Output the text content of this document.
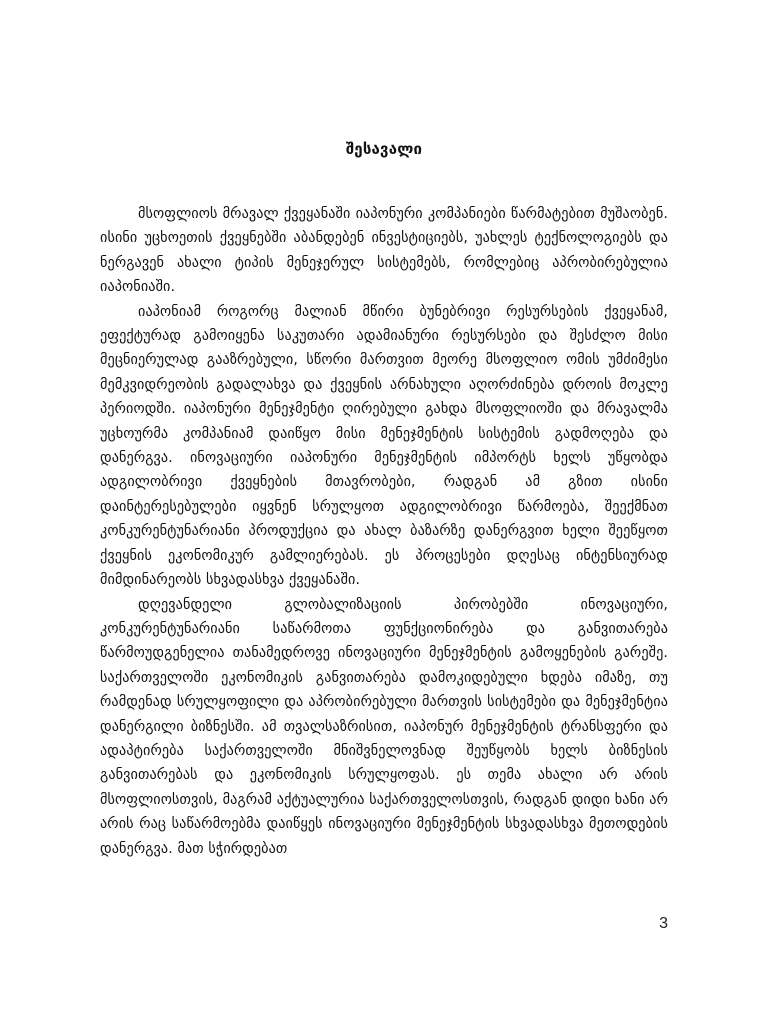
შესავალი

მსოფლიოს მრავალ ქვეყანაში იაპონური კომპანიები წარმატებით მუშაობენ. ისინი უცხოეთის ქვეყნებში აბანდებენ ინვესტიციებს, უახლეს ტექნოლოგიებს და ნერგავენ ახალი ტიპის მენეჯერულ სისტემებს, რომლებიც აპრობირებულია იაპონიაში.

იაპონიამ როგორც მალიან მწირი ბუნებრივი რესურსების ქვეყანამ, ეფექტურად გამოიყენა საკუთარი ადამიანური რესურსები და შესძლო მისი მეცნიერულად გააზრებული, სწორი მართვით მეორე მსოფლიო ომის უმძიმესი მემკვიდრეობის გადალახვა და ქვეყნის არნახული აღორძინება დროის მოკლე პერიოდში. იაპონური მენეჯმენტი ღირებული გახდა მსოფლიოში და მრავალმა უცხოურმა კომპანიამ დაიწყო მისი მენეჯმენტის სისტემის გადმოღება და დანერგვა. ინოვაციური იაპონური მენეჯმენტის იმპორტს ხელს უწყობდა ადგილობრივი ქვეყნების მთავრობები, რადგან ამ გზით ისინი დაინტერესებულები იყვნენ სრულყოთ ადგილობრივი წარმოება, შეექმნათ კონკურენტუნარიანი პროდუქცია და ახალ ბაზარზე დანერგვით ხელი შეეწყოთ ქვეყნის ეკონომიკურ გამლიერებას. ეს პროცესები დღესაც ინტენსიურად მიმდინარეობს სხვადასხვა ქვეყანაში.

დღევანდელი გლობალიზაციის პირობებში ინოვაციური, კონკურენტუნარიანი საწარმოთა ფუნქციონირება და განვითარება წარმოუდგენელია თანამედროვე ინოვაციური მენეჯმენტის გამოყენების გარეშე. საქართველოში ეკონომიკის განვითარება დამოკიდებული ხდება იმაზე, თუ რამდენად სრულყოფილი და აპრობირებული მართვის სისტემები და მენეჯმენტია დანერგილი ბიზნესში. ამ თვალსაზრისით, იაპონურ მენეჯმენტის ტრანსფერი და ადაპტირება საქართველოში მნიშვნელოვნად შეუწყობს ხელს ბიზნესის განვითარებას და ეკონომიკის სრულყოფას. ეს თემა ახალი არ არის მსოფლიოსთვის, მაგრამ აქტუალურია საქართველოსთვის, რადგან დიდი ხანი არ არის რაც საწარმოებმა დაიწყეს ინოვაციური მენეჯმენტის სხვადასხვა მეთოდების დანერგვა. მათ სჭირდებათ

3
